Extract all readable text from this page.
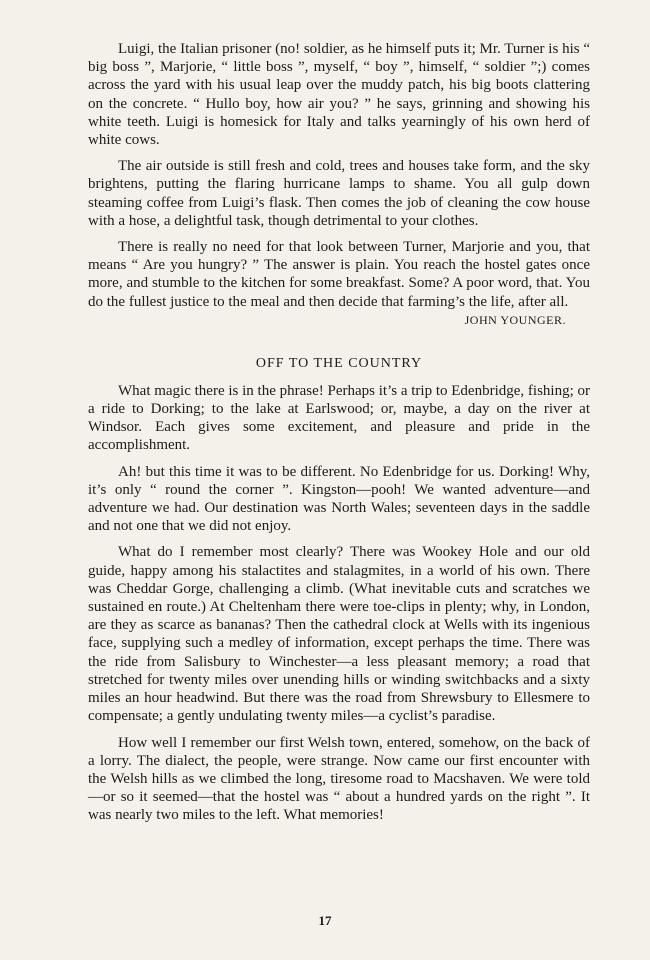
Luigi, the Italian prisoner (no! soldier, as he himself puts it; Mr. Turner is his “ big boss ”, Marjorie, “ little boss ”, myself, “ boy ”, himself, “ soldier ”;) comes across the yard with his usual leap over the muddy patch, his big boots clattering on the concrete. “ Hullo boy, how air you? ” he says, grinning and showing his white teeth. Luigi is homesick for Italy and talks yearningly of his own herd of white cows.

The air outside is still fresh and cold, trees and houses take form, and the sky brightens, putting the flaring hurricane lamps to shame. You all gulp down steaming coffee from Luigi’s flask. Then comes the job of cleaning the cow house with a hose, a delightful task, though detrimental to your clothes.

There is really no need for that look between Turner, Marjorie and you, that means “ Are you hungry? ” The answer is plain. You reach the hostel gates once more, and stumble to the kitchen for some breakfast. Some? A poor word, that. You do the fullest justice to the meal and then decide that farming’s the life, after all.

JOHN YOUNGER.
OFF TO THE COUNTRY

What magic there is in the phrase! Perhaps it’s a trip to Edenbridge, fishing; or a ride to Dorking; to the lake at Earlswood; or, maybe, a day on the river at Windsor. Each gives some excitement, and pleasure and pride in the accomplishment.

Ah! but this time it was to be different. No Edenbridge for us. Dorking! Why, it’s only “ round the corner ”. Kingston—pooh! We wanted adventure—and adventure we had. Our destination was North Wales; seventeen days in the saddle and not one that we did not enjoy.

What do I remember most clearly? There was Wookey Hole and our old guide, happy among his stalactites and stalagmites, in a world of his own. There was Cheddar Gorge, challenging a climb. (What inevitable cuts and scratches we sustained en route.) At Cheltenham there were toe-clips in plenty; why, in London, are they as scarce as bananas? Then the cathedral clock at Wells with its ingenious face, supplying such a medley of information, except perhaps the time. There was the ride from Salisbury to Winchester—a less pleasant memory; a road that stretched for twenty miles over unending hills or winding switchbacks and a sixty miles an hour headwind. But there was the road from Shrewsbury to Ellesmere to compensate; a gently undulating twenty miles—a cyclist’s paradise.

How well I remember our first Welsh town, entered, somehow, on the back of a lorry. The dialect, the people, were strange. Now came our first encounter with the Welsh hills as we climbed the long, tiresome road to Macshaven. We were told—or so it seemed—that the hostel was “ about a hundred yards on the right ”. It was nearly two miles to the left. What memories!

17
